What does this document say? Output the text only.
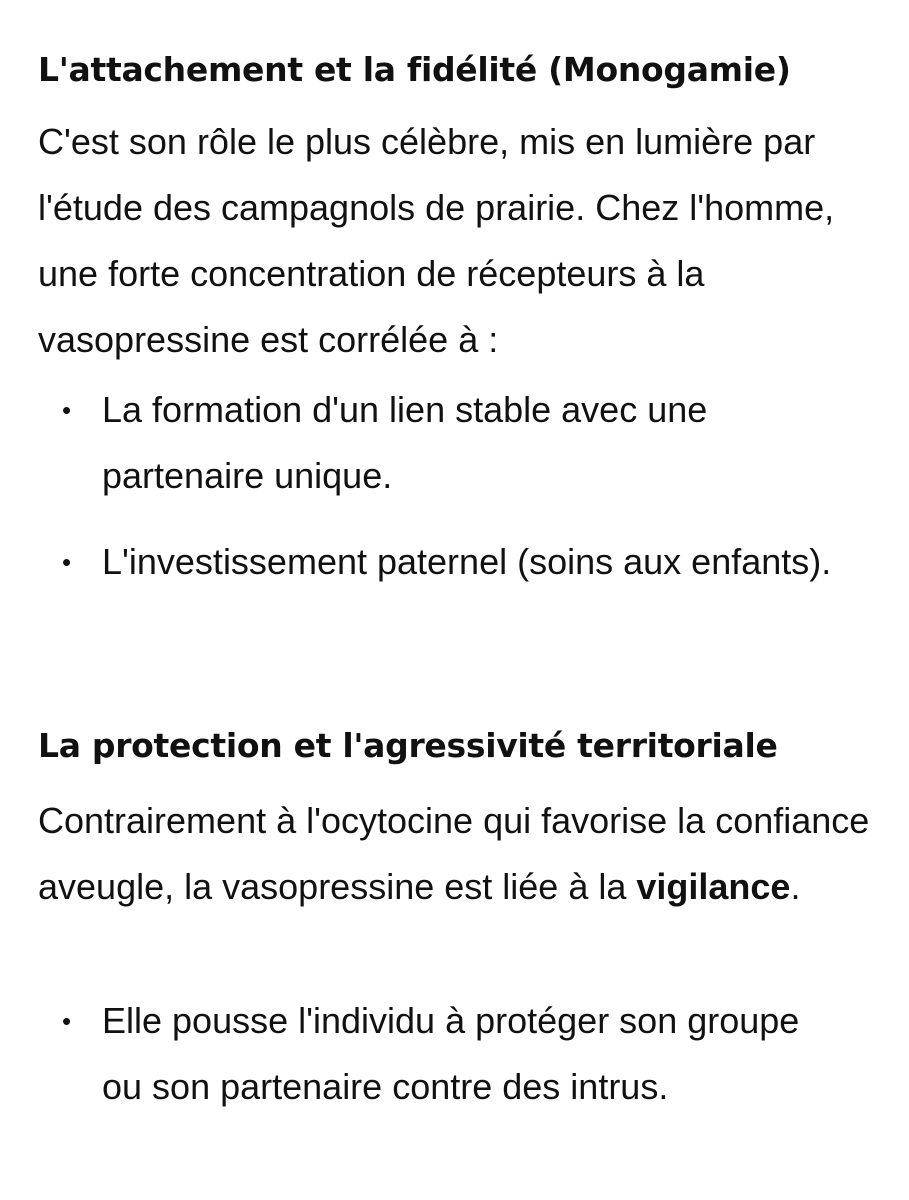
L'attachement et la fidélité (Monogamie)

C'est son rôle le plus célèbre, mis en lumière par l'étude des campagnols de prairie. Chez l'homme, une forte concentration de récepteurs à la vasopressine est corrélée à :

• La formation d'un lien stable avec une partenaire unique.
• L'investissement paternel (soins aux enfants).
La protection et l'agressivité territoriale

Contrairement à l'ocytocine qui favorise la confiance aveugle, la vasopressine est liée à la vigilance.

• Elle pousse l'individu à protéger son groupe ou son partenaire contre des intrus.
